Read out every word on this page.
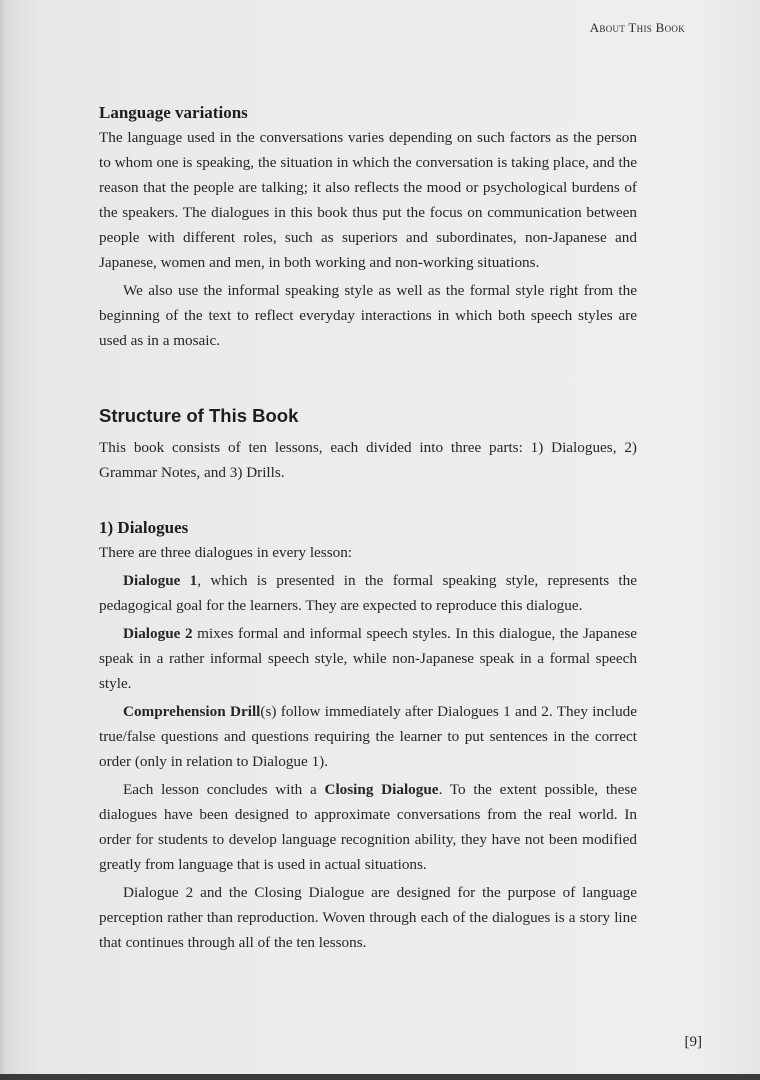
About This Book
Language variations

The language used in the conversations varies depending on such factors as the person to whom one is speaking, the situation in which the conversation is taking place, and the reason that the people are talking; it also reflects the mood or psychological burdens of the speakers. The dialogues in this book thus put the focus on communication between people with different roles, such as superiors and subordinates, non-Japanese and Japanese, women and men, in both working and non-working situations.

We also use the informal speaking style as well as the formal style right from the beginning of the text to reflect everyday interactions in which both speech styles are used as in a mosaic.

Structure of This Book

This book consists of ten lessons, each divided into three parts: 1) Dialogues, 2) Grammar Notes, and 3) Drills.

1) Dialogues

There are three dialogues in every lesson:

Dialogue 1, which is presented in the formal speaking style, represents the pedagogical goal for the learners. They are expected to reproduce this dialogue.

Dialogue 2 mixes formal and informal speech styles. In this dialogue, the Japanese speak in a rather informal speech style, while non-Japanese speak in a formal speech style.

Comprehension Drill(s) follow immediately after Dialogues 1 and 2. They include true/false questions and questions requiring the learner to put sentences in the correct order (only in relation to Dialogue 1).

Each lesson concludes with a Closing Dialogue. To the extent possible, these dialogues have been designed to approximate conversations from the real world. In order for students to develop language recognition ability, they have not been modified greatly from language that is used in actual situations.

Dialogue 2 and the Closing Dialogue are designed for the purpose of language perception rather than reproduction. Woven through each of the dialogues is a story line that continues through all of the ten lessons.

[9]
